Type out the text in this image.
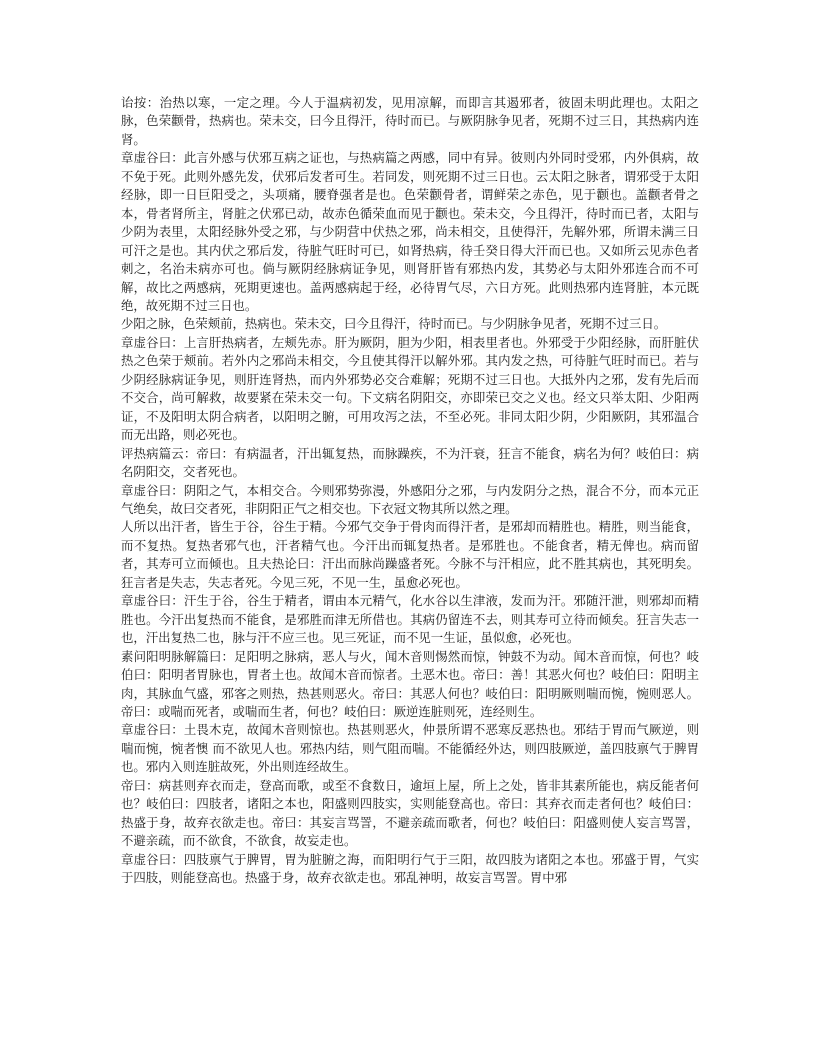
诒按：治热以寒，一定之理。今人于温病初发，见用凉解，而即言其遏邪者，彼固未明此理也。太阳之脉，色荣颧骨，热病也。荣未交，曰今且得汗，待时而已。与厥阴脉争见者，死期不过三日，其热病内连肾。

章虚谷曰：此言外感与伏邪互病之证也，与热病篇之两感，同中有异。彼则内外同时受邪，内外俱病，故不免于死。此则外感先发，伏邪后发者可生。若同发，则死期不过三日也。云太阳之脉者，谓邪受于太阳经脉，即一日巨阳受之，头项痛，腰脊强者是也。色荣颧骨者，谓鲜荣之赤色，见于颧也。盖颧者骨之本，骨者肾所主，肾脏之伏邪已动，故赤色循荣血而见于颧也。荣未交，今且得汗，待时而已者，太阳与少阴为表里，太阳经脉外受之邪，与少阴营中伏热之邪，尚未相交，且使得汗，先解外邪，所谓未满三日可汗之是也。其内伏之邪后发，待脏气旺时可已，如肾热病，待壬癸日得大汗而已也。又如所云见赤色者刺之，名治未病亦可也。倘与厥阴经脉病证争见，则肾肝皆有邪热内发，其势必与太阳外邪连合而不可解，故比之两感病，死期更速也。盖两感病起于经，必待胃气尽，六日方死。此则热邪内连肾脏，本元既绝，故死期不过三日也。

少阳之脉，色荣颊前，热病也。荣未交，曰今且得汗，待时而已。与少阴脉争见者，死期不过三日。

章虚谷曰：上言肝热病者，左颊先赤。肝为厥阴，胆为少阳，相表里者也。外邪受于少阳经脉，而肝脏伏热之色荣于颊前。若外内之邪尚未相交，今且使其得汗以解外邪。其内发之热，可待脏气旺时而已。若与少阴经脉病证争见，则肝连肾热，而内外邪势必交合难解；死期不过三日也。大抵外内之邪，发有先后而不交合，尚可解救，故要紧在荣未交一句。下文病名阴阳交，亦即荣已交之义也。经文只举太阳、少阳两证，不及阳明太阴合病者，以阳明之腑，可用攻泻之法，不至必死。非同太阳少阴，少阳厥阴，其邪温合而无出路，则必死也。

评热病篇云：帝曰：有病温者，汗出辄复热，而脉躁疾，不为汗衰，狂言不能食，病名为何？岐伯曰：病名阴阳交，交者死也。

章虚谷曰：阴阳之气，本相交合。今则邪势弥漫，外感阳分之邪，与内发阴分之热，混合不分，而本元正气绝矣，故曰交者死，非阴阳正气之相交也。下衣冠文物其所以然之理。

人所以出汗者，皆生于谷，谷生于精。今邪气交争于骨肉而得汗者，是邪却而精胜也。精胜，则当能食，而不复热。复热者邪气也，汗者精气也。今汗出而辄复热者。是邪胜也。不能食者，精无俾也。病而留者，其寿可立而倾也。且夫热论曰：汗出而脉尚躁盛者死。今脉不与汗相应，此不胜其病也，其死明矣。狂言者是失志，失志者死。今见三死，不见一生，虽愈必死也。

章虚谷曰：汗生于谷，谷生于精者，谓由本元精气，化水谷以生津液，发而为汗。邪随汗泄，则邪却而精胜也。今汗出复热而不能食，是邪胜而津无所借也。其病仍留连不去，则其寿可立待而倾矣。狂言失志一也，汗出复热二也，脉与汗不应三也。见三死证，而不见一生证，虽似愈，必死也。

素问阳明脉解篇曰：足阳明之脉病，恶人与火，闻木音则惕然而惊，钟鼓不为动。闻木音而惊，何也？岐伯曰：阳明者胃脉也，胃者土也。故闻木音而惊者。土恶木也。帝曰：善！其恶火何也？岐伯曰：阳明主肉，其脉血气盛，邪客之则热，热甚则恶火。帝曰：其恶人何也？岐伯曰：阳明厥则喘而惋，惋则恶人。帝曰：或喘而死者，或喘而生者，何也？岐伯曰：厥逆连脏则死，连经则生。

章虚谷曰：土畏木克，故闻木音则惊也。热甚则恶火，仲景所谓不恶寒反恶热也。邪结于胃而气厥逆，则喘而惋，惋者懊 而不欲见人也。邪热内结，则气阻而喘。不能循经外达，则四肢厥逆，盖四肢禀气于脾胃也。邪内入则连脏故死，外出则连经故生。

帝曰：病甚则弃衣而走，登高而歌，或至不食数日，逾垣上屋，所上之处，皆非其素所能也，病反能者何也？岐伯曰：四肢者，诸阳之本也，阳盛则四肢实，实则能登高也。帝曰：其弃衣而走者何也？岐伯曰：热盛于身，故弃衣欲走也。帝曰：其妄言骂詈，不避亲疏而歌者，何也？岐伯曰：阳盛则使人妄言骂詈，不避亲疏，而不欲食，不欲食，故妄走也。

章虚谷曰：四肢禀气于脾胃，胃为脏腑之海，而阳明行气于三阳，故四肢为诸阳之本也。邪盛于胃，气实于四肢，则能登高也。热盛于身，故弃衣欲走也。邪乱神明，故妄言骂詈。胃中邪
